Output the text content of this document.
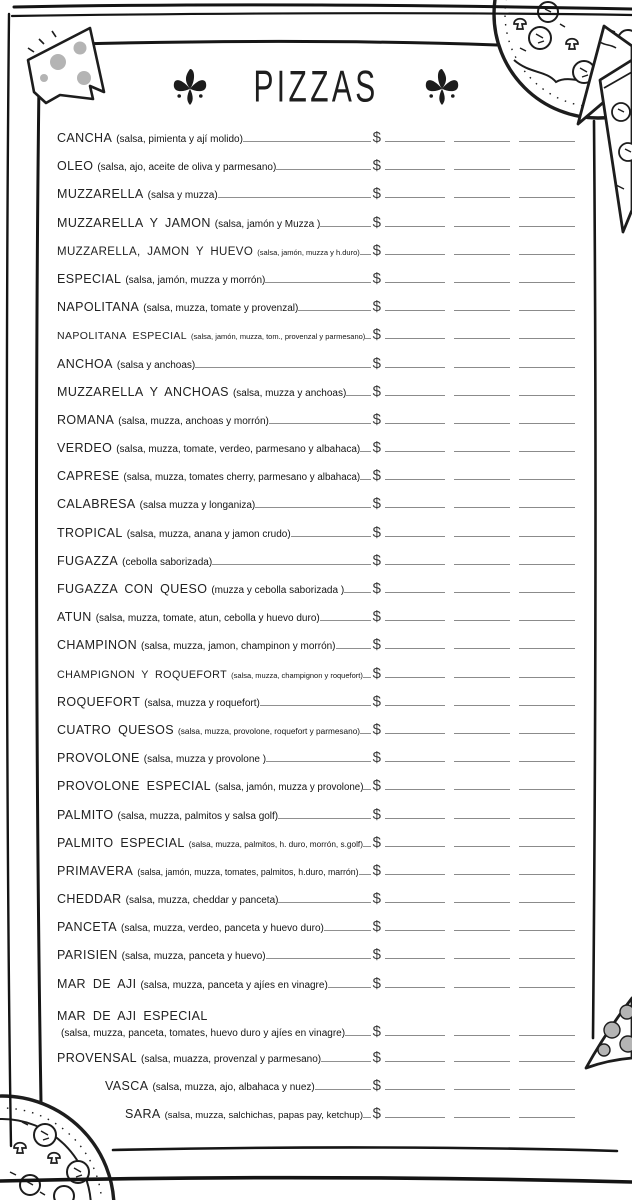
PIZZAS
CANCHA (salsa, pimienta y ají molido)	$
OLEO (salsa, ajo, aceite de oliva y parmesano)	$
MUZZARELLA (salsa y muzza)	$
MUZZARELLA Y JAMON (salsa, jamón y Muzza )	$
MUZZARELLA, JAMON Y HUEVO (salsa, jamón, muzza y h.duro) $
ESPECIAL (salsa, jamón, muzza y morrón)	$
NAPOLITANA (salsa, muzza, tomate y provenzal)	$
NAPOLITANA ESPECIAL (salsa, jamón, muzza, tom., provenzal y parmesano) $
ANCHOA (salsa y anchoas)	$
MUZZARELLA Y ANCHOAS (salsa, muzza y anchoas) $
ROMANA (salsa, muzza, anchoas y morrón)	$
VERDEO (salsa, muzza, tomate, verdeo, parmesano y albahaca) $
CAPRESE (salsa, muzza, tomates cherry, parmesano y albahaca) $
CALABRESA (salsa muzza y longaniza)	$
TROPICAL (salsa, muzza, anana y jamon crudo)	$
FUGAZZA (cebolla saborizada)	$
FUGAZZA CON QUESO (muzza y cebolla saborizada ) $
ATUN (salsa, muzza, tomate, atun, cebolla y huevo duro)	$
CHAMPINON (salsa, muzza, jamon, champinon y morrón) $
CHAMPIGNON Y ROQUEFORT (salsa, muzza, champignon y roquefort) $
ROQUEFORT (salsa, muzza y roquefort)	$
CUATRO QUESOS (salsa, muzza, provolone, roquefort y parmesano) $
PROVOLONE (salsa, muzza y provolone )	$
PROVOLONE ESPECIAL (salsa, jamón, muzza y provolone) $
PALMITO (salsa, muzza, palmitos y salsa golf)	$
PALMITO ESPECIAL (salsa, muzza, palmitos, h. duro, morrón, s.golf) $
PRIMAVERA (salsa, jamón, muzza, tomates, palmitos, h.duro, marrón) $
CHEDDAR (salsa, muzza, cheddar y panceta)	$
PANCETA (salsa, muzza, verdeo, panceta y huevo duro)	$
PARISIEN (salsa, muzza, panceta y huevo)	$
MAR DE AJI (salsa, muzza, panceta y ajíes en vinagre)	$
MAR DE AJI ESPECIAL
(salsa, muzza, panceta, tomates, huevo duro y ajíes en vinagre) $
PROVENSAL (salsa, muazza, provenzal y parmesano)	$
VASCA (salsa, muzza, ajo, albahaca y nuez)	$
SARA (salsa, muzza, salchichas, papas pay, ketchup) $
